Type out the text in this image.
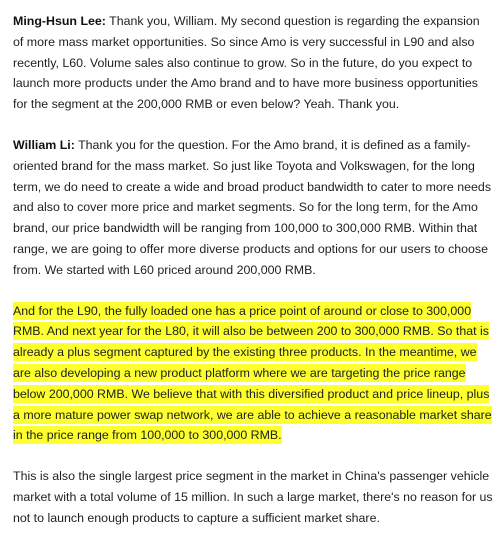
Ming-Hsun Lee: Thank you, William. My second question is regarding the expansion of more mass market opportunities. So since Amo is very successful in L90 and also recently, L60. Volume sales also continue to grow. So in the future, do you expect to launch more products under the Amo brand and to have more business opportunities for the segment at the 200,000 RMB or even below? Yeah. Thank you.

William Li: Thank you for the question. For the Amo brand, it is defined as a family-oriented brand for the mass market. So just like Toyota and Volkswagen, for the long term, we do need to create a wide and broad product bandwidth to cater to more needs and also to cover more price and market segments. So for the long term, for the Amo brand, our price bandwidth will be ranging from 100,000 to 300,000 RMB. Within that range, we are going to offer more diverse products and options for our users to choose from. We started with L60 priced around 200,000 RMB.

And for the L90, the fully loaded one has a price point of around or close to 300,000 RMB. And next year for the L80, it will also be between 200 to 300,000 RMB. So that is already a plus segment captured by the existing three products. In the meantime, we are also developing a new product platform where we are targeting the price range below 200,000 RMB. We believe that with this diversified product and price lineup, plus a more mature power swap network, we are able to achieve a reasonable market share in the price range from 100,000 to 300,000 RMB.

This is also the single largest price segment in the market in China's passenger vehicle market with a total volume of 15 million. In such a large market, there's no reason for us not to launch enough products to capture a sufficient market share.
